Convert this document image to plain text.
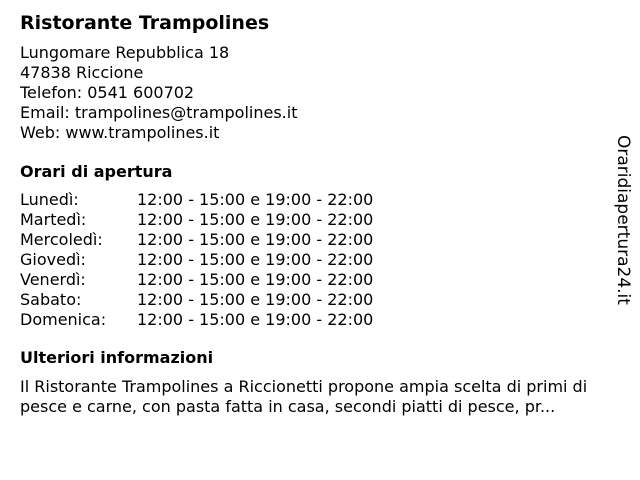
Ristorante Trampolines
Lungomare Repubblica 18
47838 Riccione
Telefon: 0541 600702
Email: trampolines@trampolines.it
Web: www.trampolines.it
Orari di apertura
Lunedì:	12:00 - 15:00 e 19:00 - 22:00
Martedì:	12:00 - 15:00 e 19:00 - 22:00
Mercoledì:	12:00 - 15:00 e 19:00 - 22:00
Giovedì:	12:00 - 15:00 e 19:00 - 22:00
Venerdì:	12:00 - 15:00 e 19:00 - 22:00
Sabato:	12:00 - 15:00 e 19:00 - 22:00
Domenica:	12:00 - 15:00 e 19:00 - 22:00
Ulteriori informazioni

Il Ristorante Trampolines a Riccionetti propone ampia scelta di primi di pesce e carne, con pasta fatta in casa, secondi piatti di pesce, pr...

Oraridiapertura24.it
